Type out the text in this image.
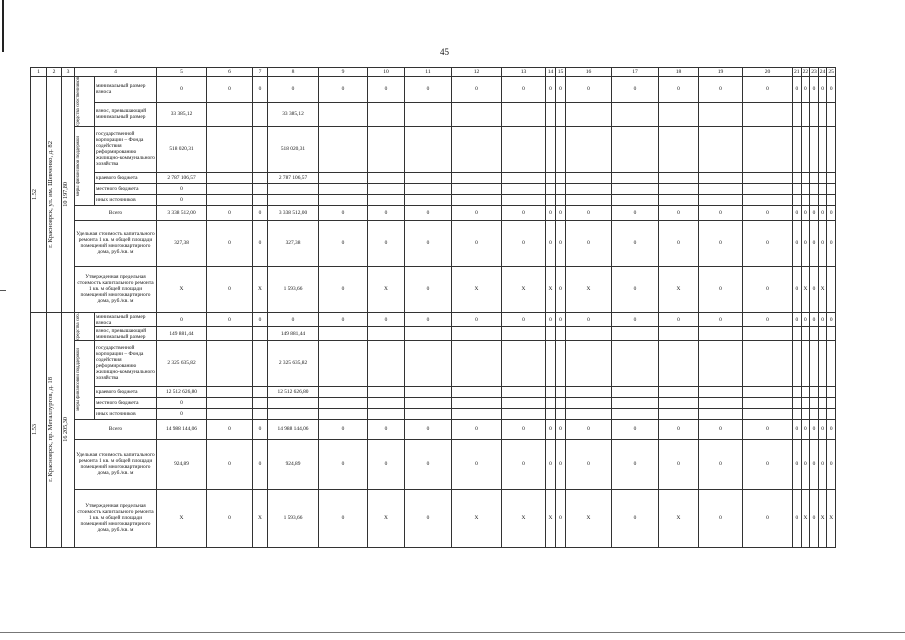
45
1	2	3	4		5	6	7	8	9	10	11	12	13	14	15	16	17	18	19	20	21	22	23	24	25

1.52	г. Красноярск, ул. им. Шевченко, д. 82	10 197,80	средства собственников	минимальный размер взноса	0	0	0	0	0	0	0	0	0	0	0	0	0	0	0	0	0	0	0	0	0
				взнос, превышающий минимальный размер	33 385,12			33 385,12																	

			меры финансовой поддержки	государственной корпорации – Фонда содействия реформированию жилищно-коммунального хозяйства	518 020,31			518 020,31																	
				краевого бюджета	2 787 106,57			2 787 106,57																	
				местного бюджета	0																				
				иных источников	0																				
			Всего		3 338 512,00	0	0	3 338 512,00	0	0	0	0	0	0	0	0	0	0	0	0	0	0	0	0	0
			Удельная стоимость капитального ремонта 1 кв. м общей площади помещений многоквартирного дома, руб./кв. м		327,38	0	0	327,38	0	0	0	0	0	0	0	0	0	0	0	0	0	0	0	0	0
			Утвержденная предельная стоимость капитального ремонта 1 кв. м общей площади помещений многоквартирного дома, руб./кв. м		X	0	X	1 593,66	0	X	0	X	X	X	0	X	0	X	0	0	0	X	0	X	

1.53	г. Красноярск, пр. Металлургов, д. 18	16 205,30	средства соб.	минимальный размер взноса	0	0	0	0	0	0	0	0	0	0	0	0	0	0	0	0	0	0	0	0	0
				взнос, превышающий минимальный размер	149 881,44			149 881,44																	

			меры финансовой подддержки	государственной корпорации – Фонда содействия реформированию жилищно-коммунального хозяйства	2 325 635,82			2 325 635,82																	
				краевого бюджета	12 512 626,80			12 512 626,80																	
				местного бюджета	0																				
				иных источников	0																				
			Всего		14 988 144,06	0	0	14 988 144,06	0	0	0	0	0	0	0	0	0	0	0	0	0	0	0	0	0
			Удельная стоимость капитального ремонта 1 кв. м общей площади помещений многоквартирного дома, руб./кв. м		924,89	0	0	924,89	0	0	0	0	0	0	0	0	0	0	0	0	0	0	0	0	0
			Утвержденная предельная стоимость капитального ремонта 1 кв. м общей площади помещений многоквартирного дома, руб./кв. м		X	0	X	1 593,66	0	X	0	X	X	X	0	X	0	X	0	0	0	X	0	X	X
